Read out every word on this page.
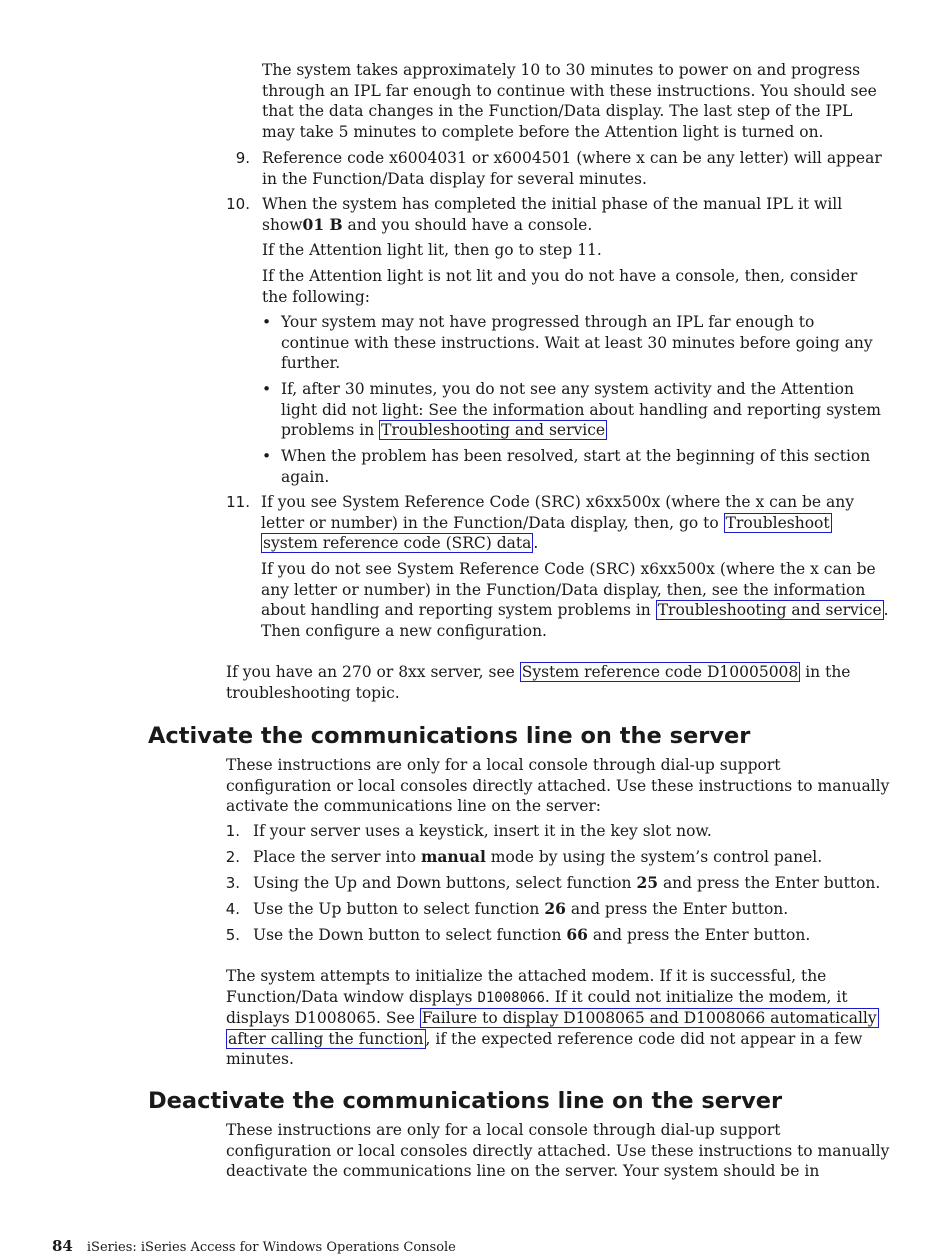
The system takes approximately 10 to 30 minutes to power on and progress

through an IPL far enough to continue with these instructions. You should see

that the data changes in the Function/Data display. The last step of the IPL

may take 5 minutes to complete before the Attention light is turned on.

9. Reference code x6004031 or x6004501 (where x can be any letter) will appear

in the Function/Data display for several minutes.

10. When the system has completed the initial phase of the manual IPL it will

show01 B and you should have a console.

If the Attention light lit, then go to step 11.

If the Attention light is not lit and you do not have a console, then, consider

the following:

• Your system may not have progressed through an IPL far enough to

continue with these instructions. Wait at least 30 minutes before going any

further.

• If, after 30 minutes, you do not see any system activity and the Attention

light did not light: See the information about handling and reporting system

problems in Troubleshooting and service

• When the problem has been resolved, start at the beginning of this section

again.

11. If you see System Reference Code (SRC) x6xx500x (where the x can be any

letter or number) in the Function/Data display, then, go to Troubleshoot

system reference code (SRC) data .

If you do not see System Reference Code (SRC) x6xx500x (where the x can be

any letter or number) in the Function/Data display, then, see the information

about handling and reporting system problems in Troubleshooting and service .

Then configure a new configuration.

If you have an 270 or 8xx server, see System reference code D10005008 in the

troubleshooting topic.

Activate the communications line on the server

These instructions are only for a local console through dial-up support

configuration or local consoles directly attached. Use these instructions to manually

activate the communications line on the server:

1. If your server uses a keystick, insert it in the key slot now.

2. Place the server into manual mode by using the system’s control panel.

3. Using the Up and Down buttons, select function 25 and press the Enter button.

4. Use the Up button to select function 26 and press the Enter button.

5. Use the Down button to select function 66 and press the Enter button.

The system attempts to initialize the attached modem. If it is successful, the

Function/Data window displays D1008066. If it could not initialize the modem, it

displays D1008065. See Failure to display D1008065 and D1008066 automatically

after calling the function , if the expected reference code did not appear in a few

minutes.

Deactivate the communications line on the server

These instructions are only for a local console through dial-up support

configuration or local consoles directly attached. Use these instructions to manually

deactivate the communications line on the server. Your system should be in

84 iSeries: iSeries Access for Windows Operations Console
